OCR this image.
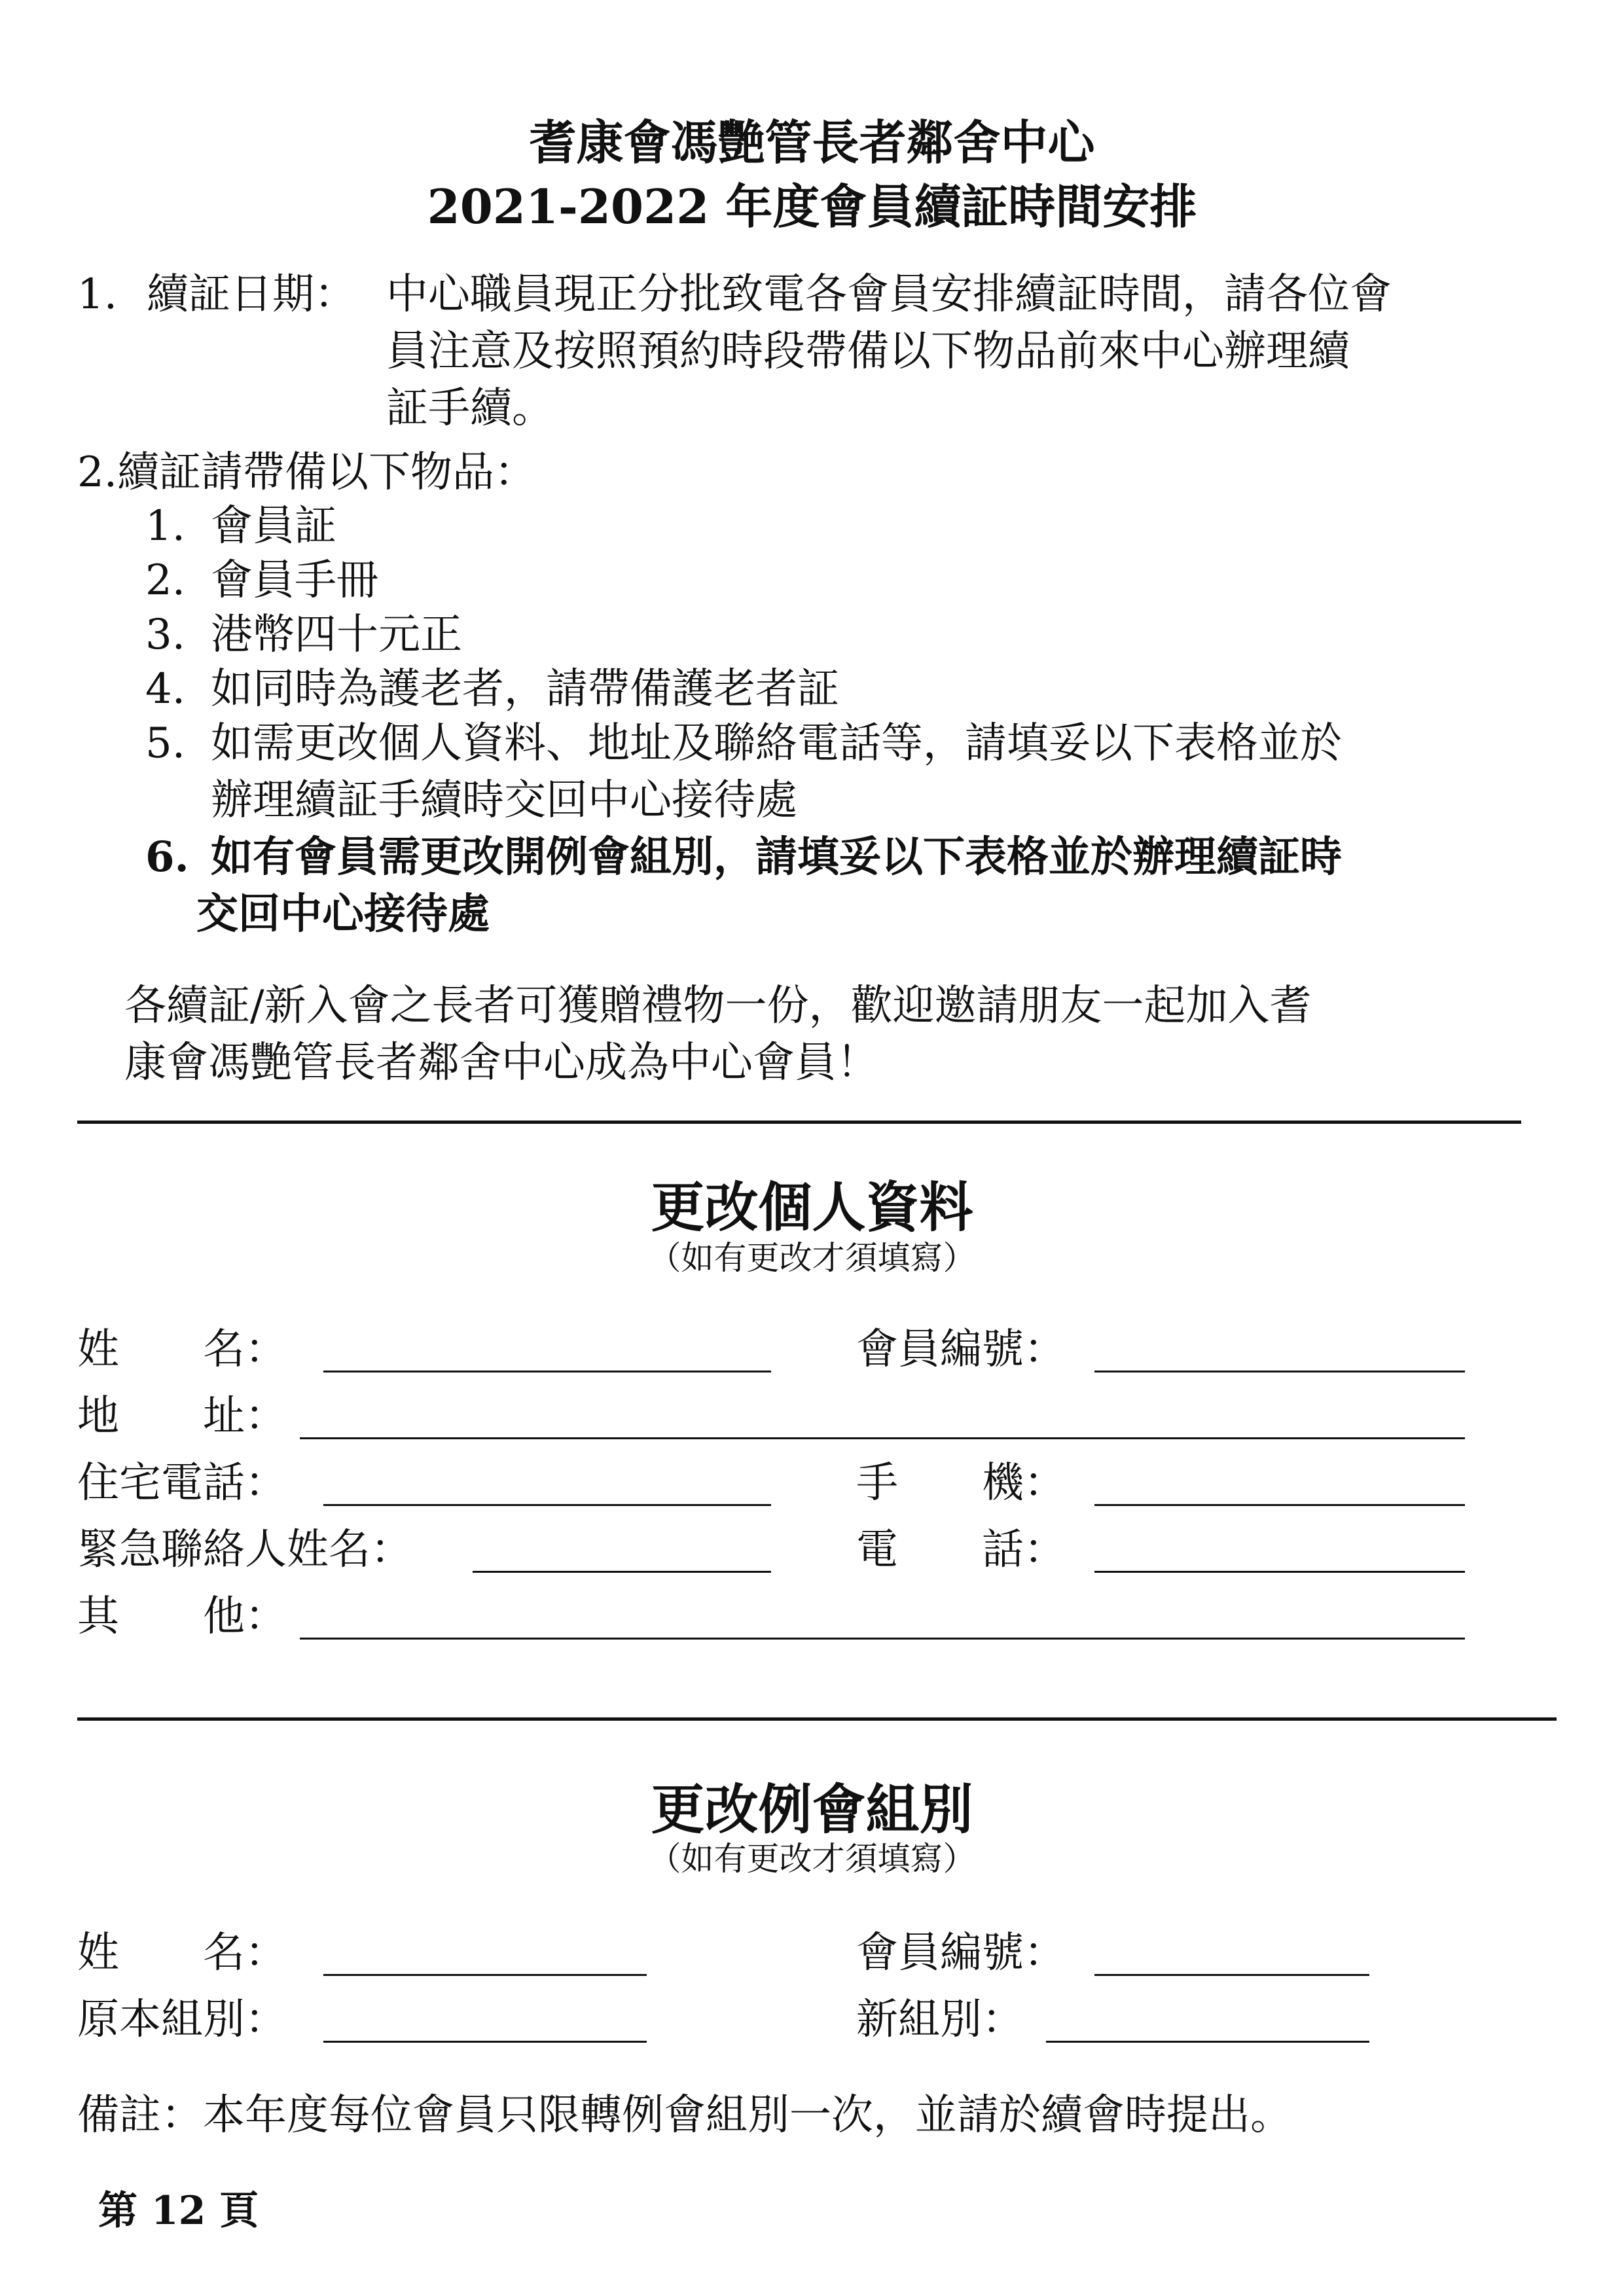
耆康會馮艷管長者鄰舍中心
2021-2022 年度會員續証時間安排
1. 續証日期： 中心職員現正分批致電各會員安排續証時間，請各位會
員注意及按照預約時段帶備以下物品前來中心辦理續
証手續。
2.續証請帶備以下物品：
1. 會員証
2. 會員手冊
3. 港幣四十元正
4. 如同時為護老者，請帶備護老者証
5. 如需更改個人資料、地址及聯絡電話等，請填妥以下表格並於
辦理續証手續時交回中心接待處
6. 如有會員需更改開例會組別，請填妥以下表格並於辦理續証時
交回中心接待處
各續証/新入會之長者可獲贈禮物一份，歡迎邀請朋友一起加入耆
康會馮艷管長者鄰舍中心成為中心會員！
更改個人資料
（如有更改才須填寫）
姓　　名：	會員編號：
地　　址：
住宅電話：	手　　機：
緊急聯絡人姓名：	電　　話：
其　　他：
更改例會組別
（如有更改才須填寫）
姓　　名：	會員編號：
原本組別：	新組別：
備註：本年度每位會員只限轉例會組別一次，並請於續會時提出。
第 12 頁
